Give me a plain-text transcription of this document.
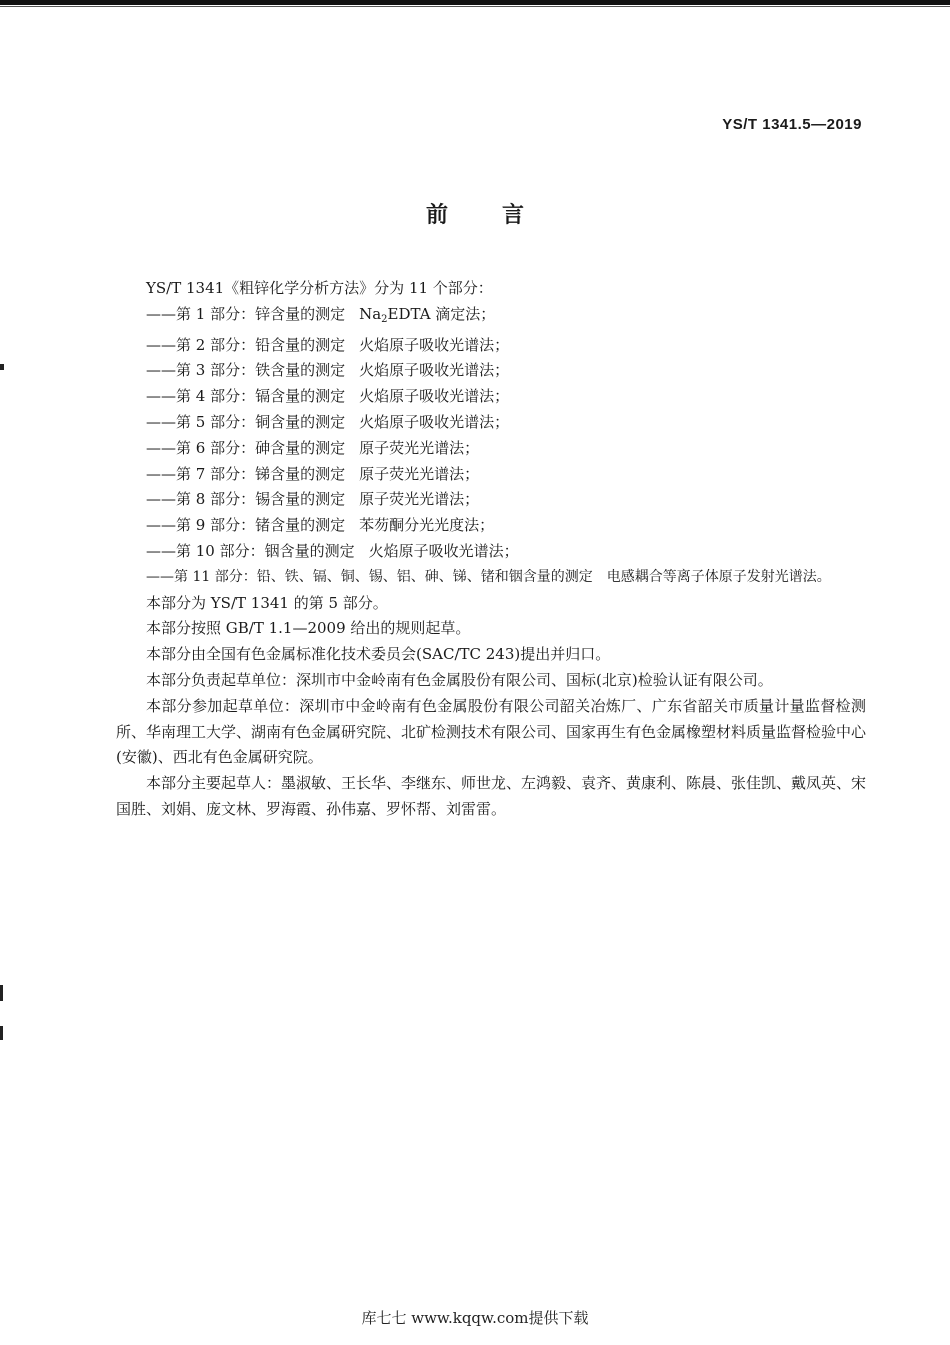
YS/T 1341.5—2019
前言

YS/T 1341《粗锌化学分析方法》分为 11 个部分：

——第 1 部分：锌含量的测定 $Na_2EDTA$ 滴定法；

——第 2 部分：铅含量的测定 火焰原子吸收光谱法；

——第 3 部分：铁含量的测定 火焰原子吸收光谱法；

——第 4 部分：镉含量的测定 火焰原子吸收光谱法；

——第 5 部分：铜含量的测定 火焰原子吸收光谱法；

——第 6 部分：砷含量的测定 原子荧光光谱法；

——第 7 部分：锑含量的测定 原子荧光光谱法；

——第 8 部分：锡含量的测定 原子荧光光谱法；

——第 9 部分：锗含量的测定 苯芴酮分光光度法；

——第 10 部分：铟含量的测定 火焰原子吸收光谱法；

——第 11 部分：铅、铁、镉、铜、锡、铝、砷、锑、锗和铟含量的测定 电感耦合等离子体原子发射光谱法。

本部分为 YS/T 1341 的第 5 部分。

本部分按照 GB/T 1.1—2009 给出的规则起草。

本部分由全国有色金属标准化技术委员会(SAC/TC 243)提出并归口。

本部分负责起草单位：深圳市中金岭南有色金属股份有限公司、国标(北京)检验认证有限公司。

本部分参加起草单位：深圳市中金岭南有色金属股份有限公司韶关冶炼厂、广东省韶关市质量计量监督检测所、华南理工大学、湖南有色金属研究院、北矿检测技术有限公司、国家再生有色金属橡塑材料质量监督检验中心(安徽)、西北有色金属研究院。

本部分主要起草人：墨淑敏、王长华、李继东、师世龙、左鸿毅、袁齐、黄康利、陈晨、张佳凯、戴凤英、宋国胜、刘娟、庞文林、罗海霞、孙伟嘉、罗怀帮、刘雷雷。

库七七 www.kqqw.com提供下载
